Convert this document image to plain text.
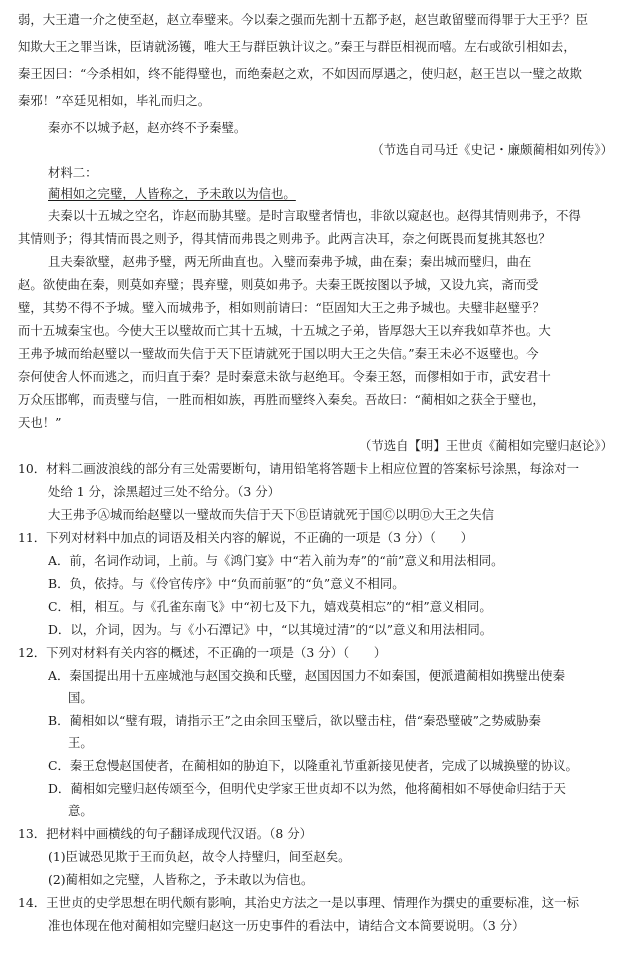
弱，大王遣一介之使至赵，赵立奉璧来。今以秦之强而先割十五都予赵，赵岂敢留璧而得罪于大王乎？臣
知欺大王之罪当诛，臣请就汤镬，唯大王与群臣孰计议之。”秦王与群臣相视而嘻。左右或欲引相如去，
秦王因曰：“今杀相如，终不能得璧也，而绝秦赵之欢，不如因而厚遇之，使归赵，赵王岂以一璧之故欺
秦邪！”卒廷见相如，毕礼而归之。
秦亦不以城予赵，赵亦终不予秦璧。
（节选自司马迁《史记・廉颇蔺相如列传》）
材料二：
蔺相如之完璧，人皆称之，予未敢以为信也。
夫秦以十五城之空名，诈赵而胁其璧。是时言取璧者情也，非欲以窥赵也。赵得其情则弗予，不得
其情则予；得其情而畏之则予，得其情而弗畏之则弗予。此两言决耳，奈之何既畏而复挑其怒也？
且夫秦欲璧，赵弗予璧，两无所曲直也。入璧而秦弗予城，曲在秦；秦出城而璧归，曲在
赵。欲使曲在秦，则莫如弃璧；畏弃璧，则莫如弗予。夫秦王既按图以予城，又设九宾，斋而受
璧，其势不得不予城。璧入而城弗予，相如则前请曰：“臣固知大王之弗予城也。夫璧非赵璧乎？
而十五城秦宝也。今使大王以璧故而亡其十五城，十五城之子弟，皆厚怨大王以弃我如草芥也。大
王弗予城而绐赵璧以一璧故而失信于天下臣请就死于国以明大王之失信。”秦王未必不返璧也。今
奈何使舍人怀而逃之，而归直于秦？是时秦意未欲与赵绝耳。令秦王怒，而僇相如于市，武安君十
万众压邯郸，而责璧与信，一胜而相如族，再胜而璧终入秦矣。吾故曰：“蔺相如之获全于璧也，
天也！”
（节选自【明】王世贞《蔺相如完璧归赵论》）
10．材料二画波浪线的部分有三处需要断句，请用铅笔将答题卡上相应位置的答案标号涂黑，每涂对一
处给 1 分，涂黑超过三处不给分。（3 分）
大王弗予Ⓐ城而绐赵璧以一璧故而失信于天下Ⓑ臣请就死于国Ⓒ以明Ⓓ大王之失信
11．下列对材料中加点的词语及相关内容的解说，不正确的一项是（3 分）（　　）
A．前，名词作动词，上前。与《鸿门宴》中“若入前为寿”的“前”意义和用法相同。
B．负，依持。与《伶官传序》中“负而前驱”的“负”意义不相同。
C．相，相互。与《孔雀东南飞》中“初七及下九，嬉戏莫相忘”的“相”意义相同。
D．以，介词，因为。与《小石潭记》中，“以其境过清”的“以”意义和用法相同。
12．下列对材料有关内容的概述，不正确的一项是（3 分）（　　）
A．秦国提出用十五座城池与赵国交换和氏璧，赵国因国力不如秦国，便派遣蔺相如携璧出使秦
国。
B．蔺相如以“璧有瑕，请指示王”之由余回玉璧后，欲以璧击柱，借“秦恐璧破”之势威胁秦
王。
C．秦王怠慢赵国使者，在蔺相如的胁迫下，以隆重礼节重新接见使者，完成了以城换璧的协议。
D．蔺相如完璧归赵传颂至今，但明代史学家王世贞却不以为然，他将蔺相如不辱使命归结于天
意。
13．把材料中画横线的句子翻译成现代汉语。（8 分）
(1)臣诚恐见欺于王而负赵，故令人持璧归，间至赵矣。
(2)蔺相如之完璧，人皆称之，予未敢以为信也。
14．王世贞的史学思想在明代颇有影响，其治史方法之一是以事理、情理作为撰史的重要标准，这一标
准也体现在他对蔺相如完璧归赵这一历史事件的看法中，请结合文本简要说明。（3 分）
